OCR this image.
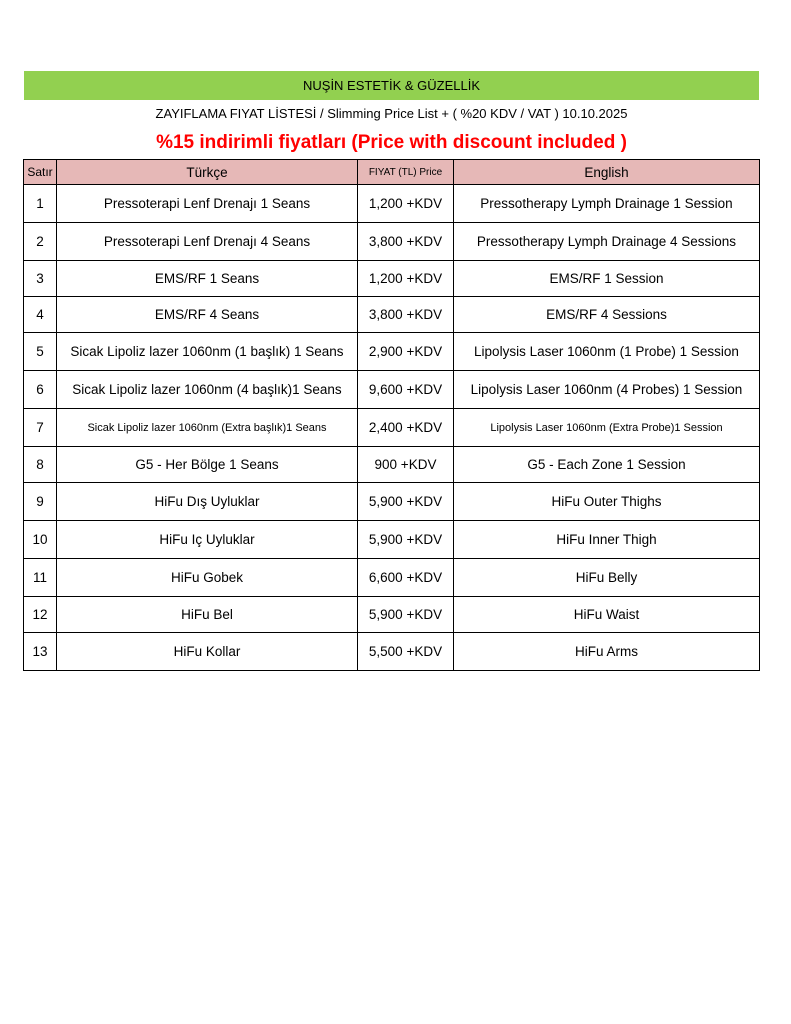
NUŞİN ESTETİK & GÜZELLİK
ZAYIFLAMA FIYAT LİSTESİ / Slimming Price List + ( %20 KDV / VAT ) 10.10.2025
%15 indirimli fiyatları (Price with discount included )
Satır	Türkçe	FIYAT (TL) Price	English
1	Pressoterapi Lenf Drenajı 1 Seans	1,200 +KDV	Pressotherapy Lymph Drainage 1 Session
2	Pressoterapi Lenf Drenajı 4 Seans	3,800 +KDV	Pressotherapy Lymph Drainage 4 Sessions
3	EMS/RF 1 Seans	1,200 +KDV	EMS/RF 1 Session
4	EMS/RF 4 Seans	3,800 +KDV	EMS/RF 4 Sessions
5	Sicak Lipoliz lazer 1060nm (1 başlık) 1 Seans	2,900 +KDV	Lipolysis Laser 1060nm (1 Probe) 1 Session
6	Sicak Lipoliz lazer 1060nm (4 başlık)1 Seans	9,600 +KDV	Lipolysis Laser 1060nm (4 Probes) 1 Session
7	Sicak Lipoliz lazer 1060nm (Extra başlık)1 Seans	2,400 +KDV	Lipolysis Laser 1060nm (Extra Probe)1 Session
8	G5 - Her Bölge 1 Seans	900 +KDV	G5 - Each Zone 1 Session
9	HiFu Dış Uyluklar	5,900 +KDV	HiFu Outer Thighs
10	HiFu Iç Uyluklar	5,900 +KDV	HiFu Inner Thigh
11	HiFu Gobek	6,600 +KDV	HiFu Belly
12	HiFu Bel	5,900 +KDV	HiFu Waist
13	HiFu Kollar	5,500 +KDV	HiFu Arms
